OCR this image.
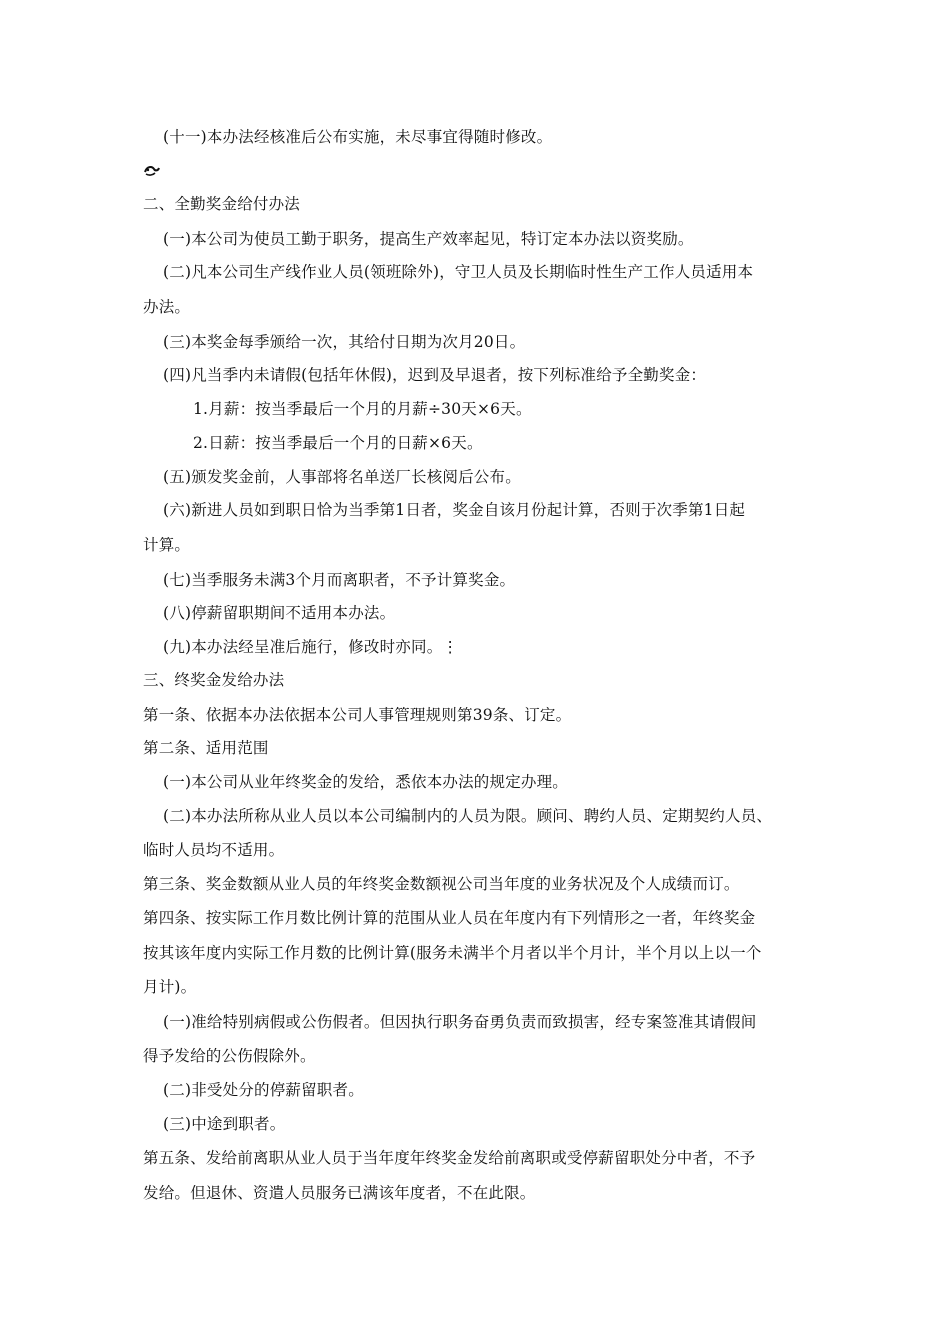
(十一)本办法经核准后公布实施，未尽事宜得随时修改。
二、全勤奖金给付办法
(一)本公司为使员工勤于职务，提高生产效率起见，特订定本办法以资奖励。
(二)凡本公司生产线作业人员(领班除外)，守卫人员及长期临时性生产工作人员适用本
办法。
(三)本奖金每季颁给一次，其给付日期为次月20日。
(四)凡当季内未请假(包括年休假)，迟到及早退者，按下列标准给予全勤奖金：
1.月薪：按当季最后一个月的月薪÷30天×6天。
2.日薪：按当季最后一个月的日薪×6天。
(五)颁发奖金前，人事部将名单送厂长核阅后公布。
(六)新进人员如到职日恰为当季第1日者，奖金自该月份起计算，否则于次季第1日起
计算。
(七)当季服务未满3个月而离职者，不予计算奖金。
(八)停薪留职期间不适用本办法。
(九)本办法经呈准后施行，修改时亦同。⋮
三、终奖金发给办法
第一条、依据本办法依据本公司人事管理规则第39条、订定。
第二条、适用范围
(一)本公司从业年终奖金的发给，悉依本办法的规定办理。
(二)本办法所称从业人员以本公司编制内的人员为限。顾问、聘约人员、定期契约人员、
临时人员均不适用。
第三条、奖金数额从业人员的年终奖金数额视公司当年度的业务状况及个人成绩而订。
第四条、按实际工作月数比例计算的范围从业人员在年度内有下列情形之一者，年终奖金
按其该年度内实际工作月数的比例计算(服务未满半个月者以半个月计，半个月以上以一个
月计)。
(一)准给特别病假或公伤假者。但因执行职务奋勇负责而致损害，经专案签准其请假间
得予发给的公伤假除外。
(二)非受处分的停薪留职者。
(三)中途到职者。
第五条、发给前离职从业人员于当年度年终奖金发给前离职或受停薪留职处分中者，不予
发给。但退休、资遣人员服务已满该年度者，不在此限。
